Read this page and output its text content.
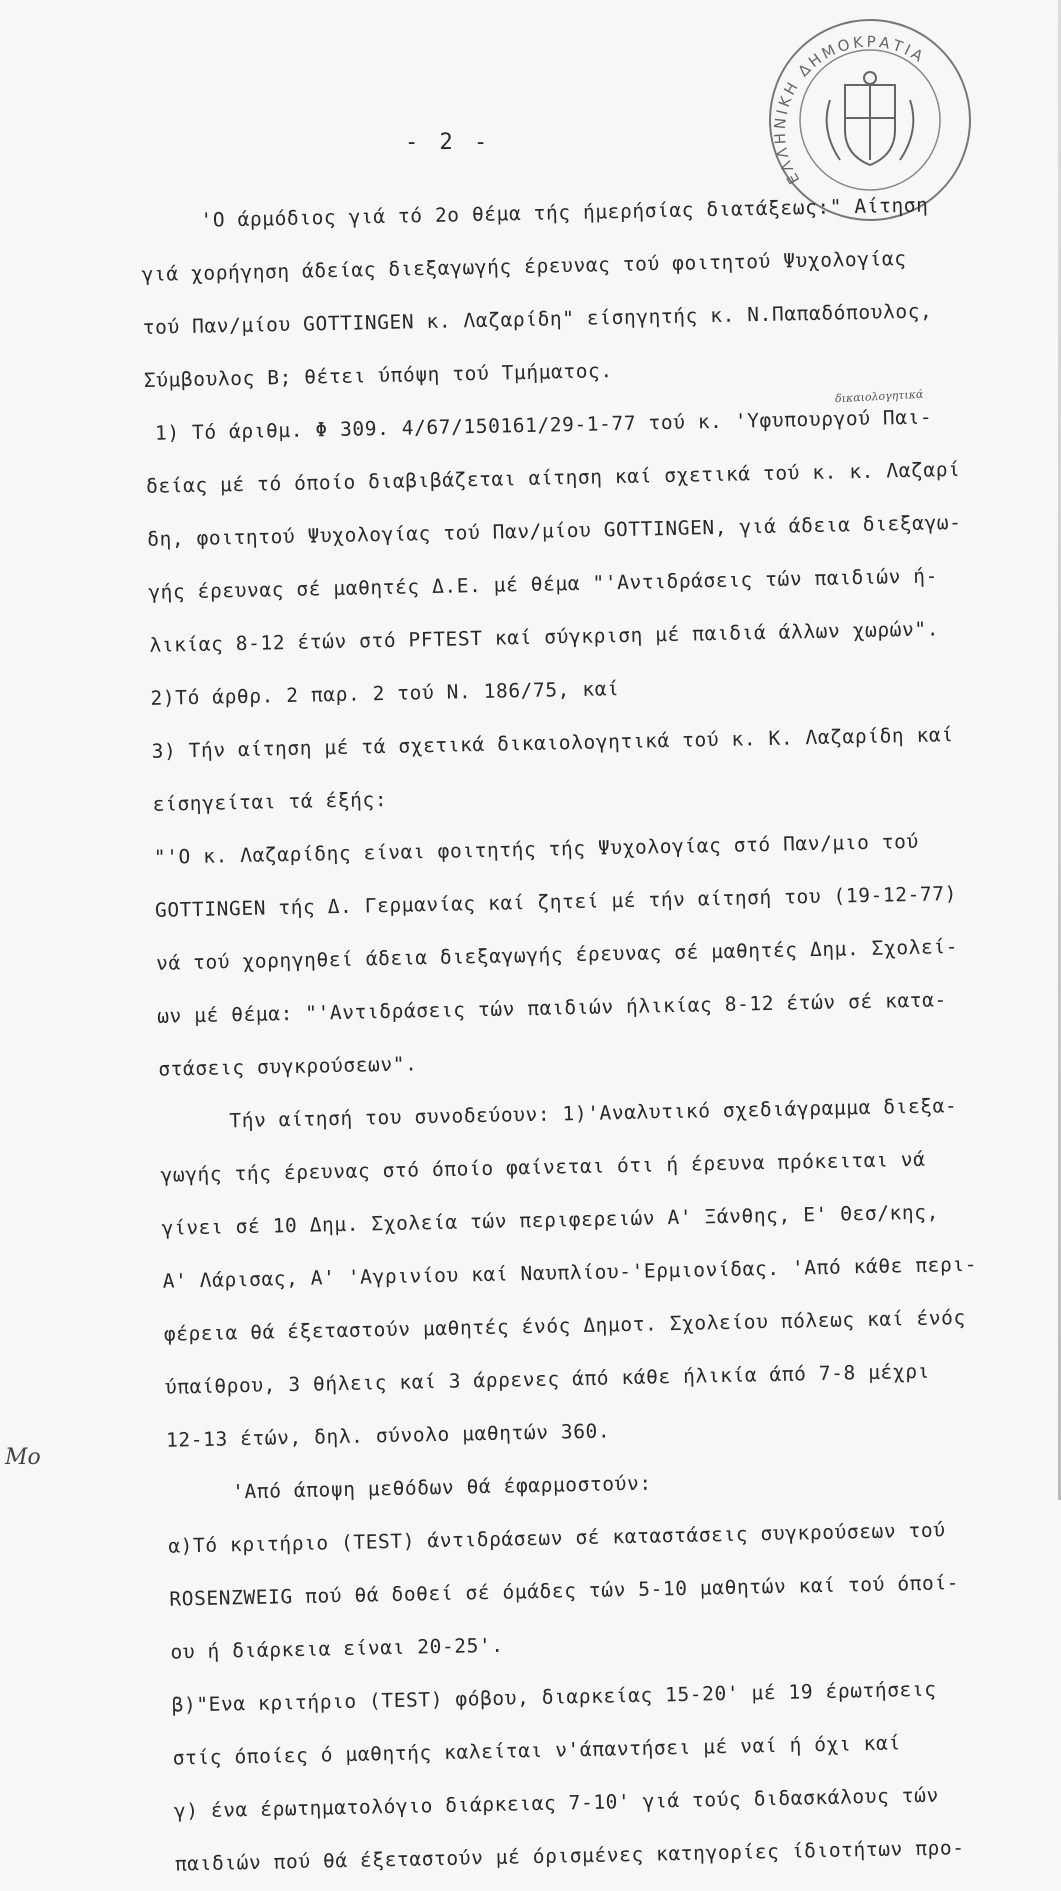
ΕΛΛΗΝΙΚΗ ΔΗΜΟΚΡΑΤΙΑ
- 2 -
δικαιολογητικά
'Ο άρμόδιος γιά τό 2ο θέμα τής ήμερήσίας διατάξεως:" Αίτηση
γιά χορήγηση άδείας διεξαγωγής έρευνας τού φοιτητού Ψυχολογίας
τού Παν/μίου GOTTINGEN κ. Λαζαρίδη" είσηγητής κ. Ν.Παπαδόπουλος,
Σύμβουλος Β; θέτει ύπόψη τού Τμήματος.
1) Τό άριθμ. Φ 309. 4/67/150161/29-1-77 τού κ. 'Υφυπουργού Παι-
δείας μέ τό όποίο διαβιβάζεται αίτηση καί σχετικά τού κ. κ. Λαζαρί
δη, φοιτητού Ψυχολογίας τού Παν/μίου GOTTINGEN, γιά άδεια διεξαγω-
γής έρευνας σέ μαθητές Δ.Ε. μέ θέμα "'Αντιδράσεις τών παιδιών ή-
λικίας 8-12 έτών στό PFTEST καί σύγκριση μέ παιδιά άλλων χωρών".
2)Τό άρθρ. 2 παρ. 2 τού Ν. 186/75, καί
3) Τήν αίτηση μέ τά σχετικά δικαιολογητικά τού κ. Κ. Λαζαρίδη καί
είσηγείται τά έξής:
"'Ο κ. Λαζαρίδης είναι φοιτητής τής Ψυχολογίας στό Παν/μιο τού
GOTTINGEN τής Δ. Γερμανίας καί ζητεί μέ τήν αίτησή του (19-12-77)
νά τού χορηγηθεί άδεια διεξαγωγής έρευνας σέ μαθητές Δημ. Σχολεί-
ων μέ θέμα: "'Αντιδράσεις τών παιδιών ήλικίας 8-12 έτών σέ κατα-
στάσεις συγκρούσεων".
Τήν αίτησή του συνοδεύουν: 1)'Αναλυτικό σχεδιάγραμμα διεξα-
γωγής τής έρευνας στό όποίο φαίνεται ότι ή έρευνα πρόκειται νά
γίνει σέ 10 Δημ. Σχολεία τών περιφερειών Α' Ξάνθης, Ε' Θεσ/κης,
Α' Λάρισας, Α' 'Αγρινίου καί Ναυπλίου-'Ερμιονίδας. 'Από κάθε περι-
φέρεια θά έξεταστούν μαθητές ένός Δημοτ. Σχολείου πόλεως καί ένός
ύπαίθρου, 3 θήλεις καί 3 άρρενες άπό κάθε ήλικία άπό 7-8 μέχρι
12-13 έτών, δηλ. σύνολο μαθητών 360.
'Από άποψη μεθόδων θά έφαρμοστούν:
α)Τό κριτήριο (TEST) άντιδράσεων σέ καταστάσεις συγκρούσεων τού
ROSENZWEIG πού θά δοθεί σέ όμάδες τών 5-10 μαθητών καί τού όποί-
ου ή διάρκεια είναι 20-25'.
β)"Ενα κριτήριο (TEST) φόβου, διαρκείας 15-20' μέ 19 έρωτήσεις
στίς όποίες ό μαθητής καλείται ν'άπαντήσει μέ ναί ή όχι καί
γ) ένα έρωτηματολόγιο διάρκειας 7-10' γιά τούς διδασκάλους τών
παιδιών πού θά έξεταστούν μέ όρισμένες κατηγορίες ίδιοτήτων προ-
Mo
